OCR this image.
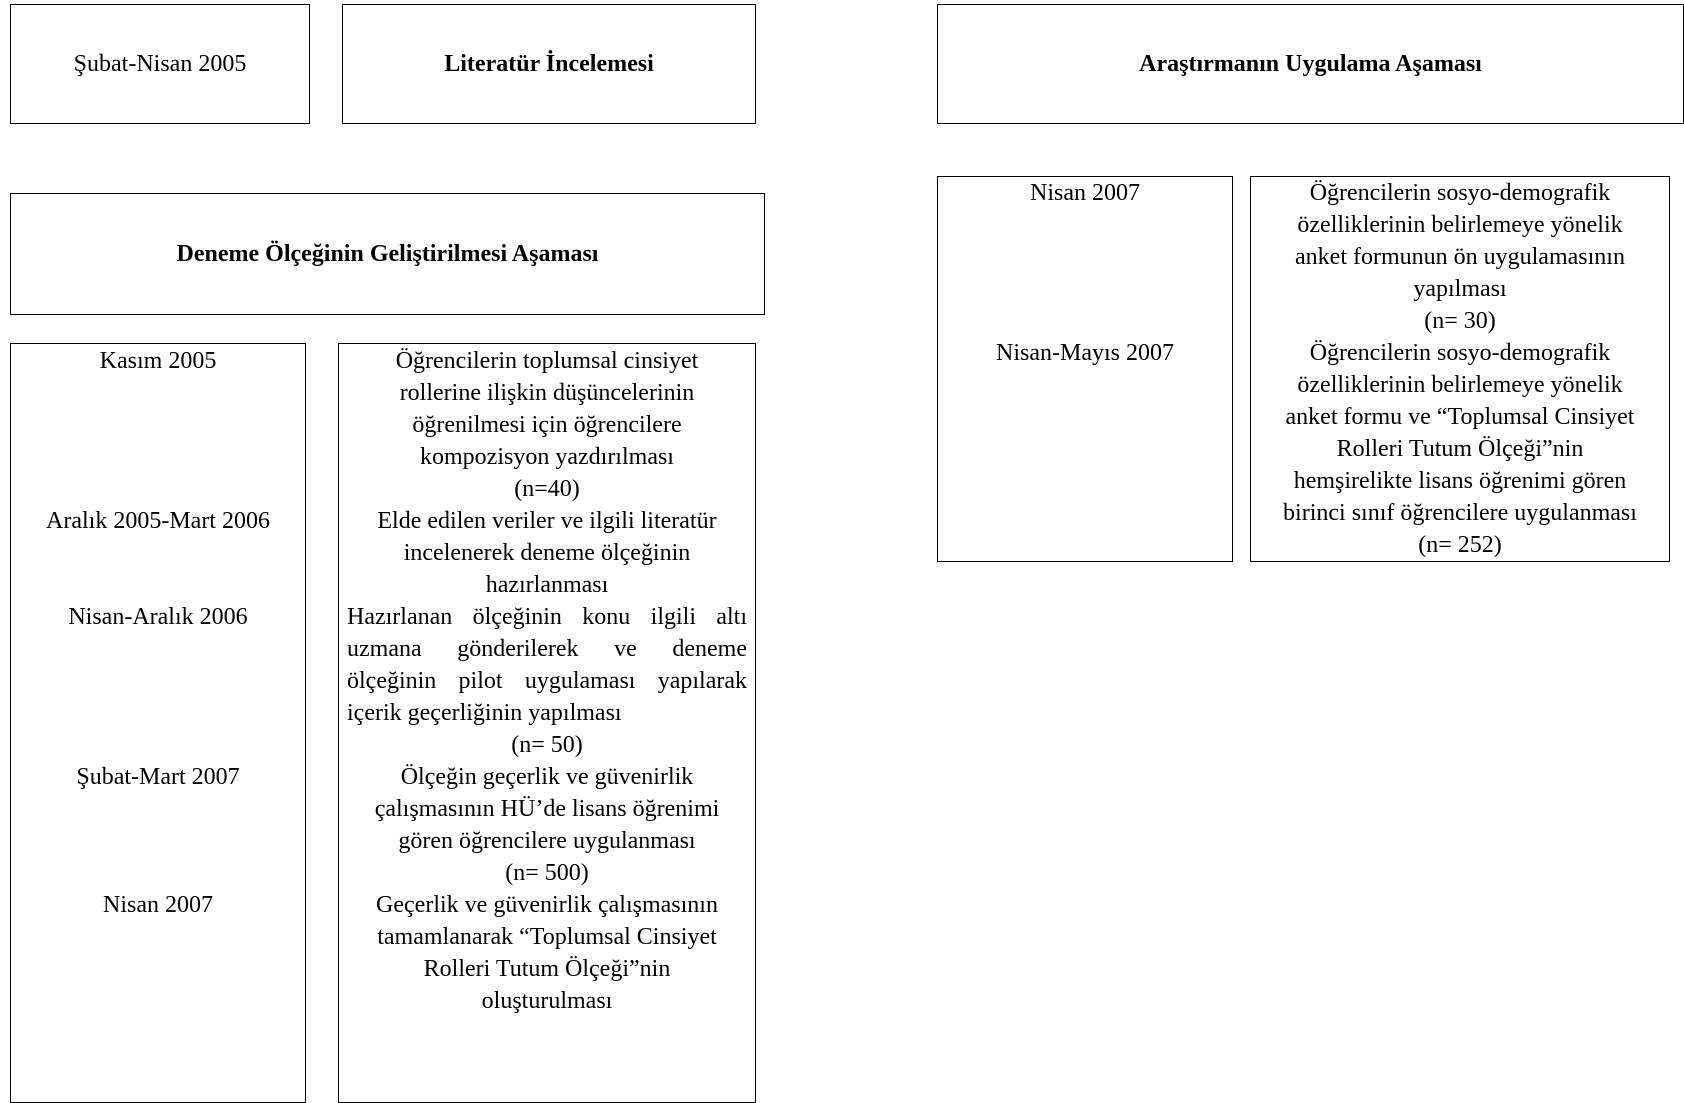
Şubat-Nisan 2005	Literatür İncelemesi	Araştırmanın Uygulama Aşaması
Deneme Ölçeğinin Geliştirilmesi Aşaması
Kasım 2005
Aralık 2005-Mart 2006
Nisan-Aralık 2006
Şubat-Mart 2007
Nisan 2007
Öğrencilerin toplumsal cinsiyet
rollerine ilişkin düşüncelerinin
öğrenilmesi için öğrencilere
kompozisyon yazdırılması
(n=40)
Elde edilen veriler ve ilgili literatür
incelenerek deneme ölçeğinin
hazırlanması
Hazırlanan ölçeğinin konu ilgili altı
uzmana gönderilerek ve deneme
ölçeğinin pilot uygulaması yapılarak
içerik geçerliğinin yapılması
(n= 50)
Ölçeğin geçerlik ve güvenirlik
çalışmasının HÜ’de lisans öğrenimi
gören öğrencilere uygulanması
(n= 500)
Geçerlik ve güvenirlik çalışmasının
tamamlanarak “Toplumsal Cinsiyet
Rolleri Tutum Ölçeği”nin
oluşturulması
Nisan 2007
Nisan-Mayıs 2007
Öğrencilerin sosyo-demografik
özelliklerinin belirlemeye yönelik
anket formunun ön uygulamasının
yapılması
(n= 30)
Öğrencilerin sosyo-demografik
özelliklerinin belirlemeye yönelik
anket formu ve “Toplumsal Cinsiyet
Rolleri Tutum Ölçeği”nin
hemşirelikte lisans öğrenimi gören
birinci sınıf öğrencilere uygulanması
(n= 252)
